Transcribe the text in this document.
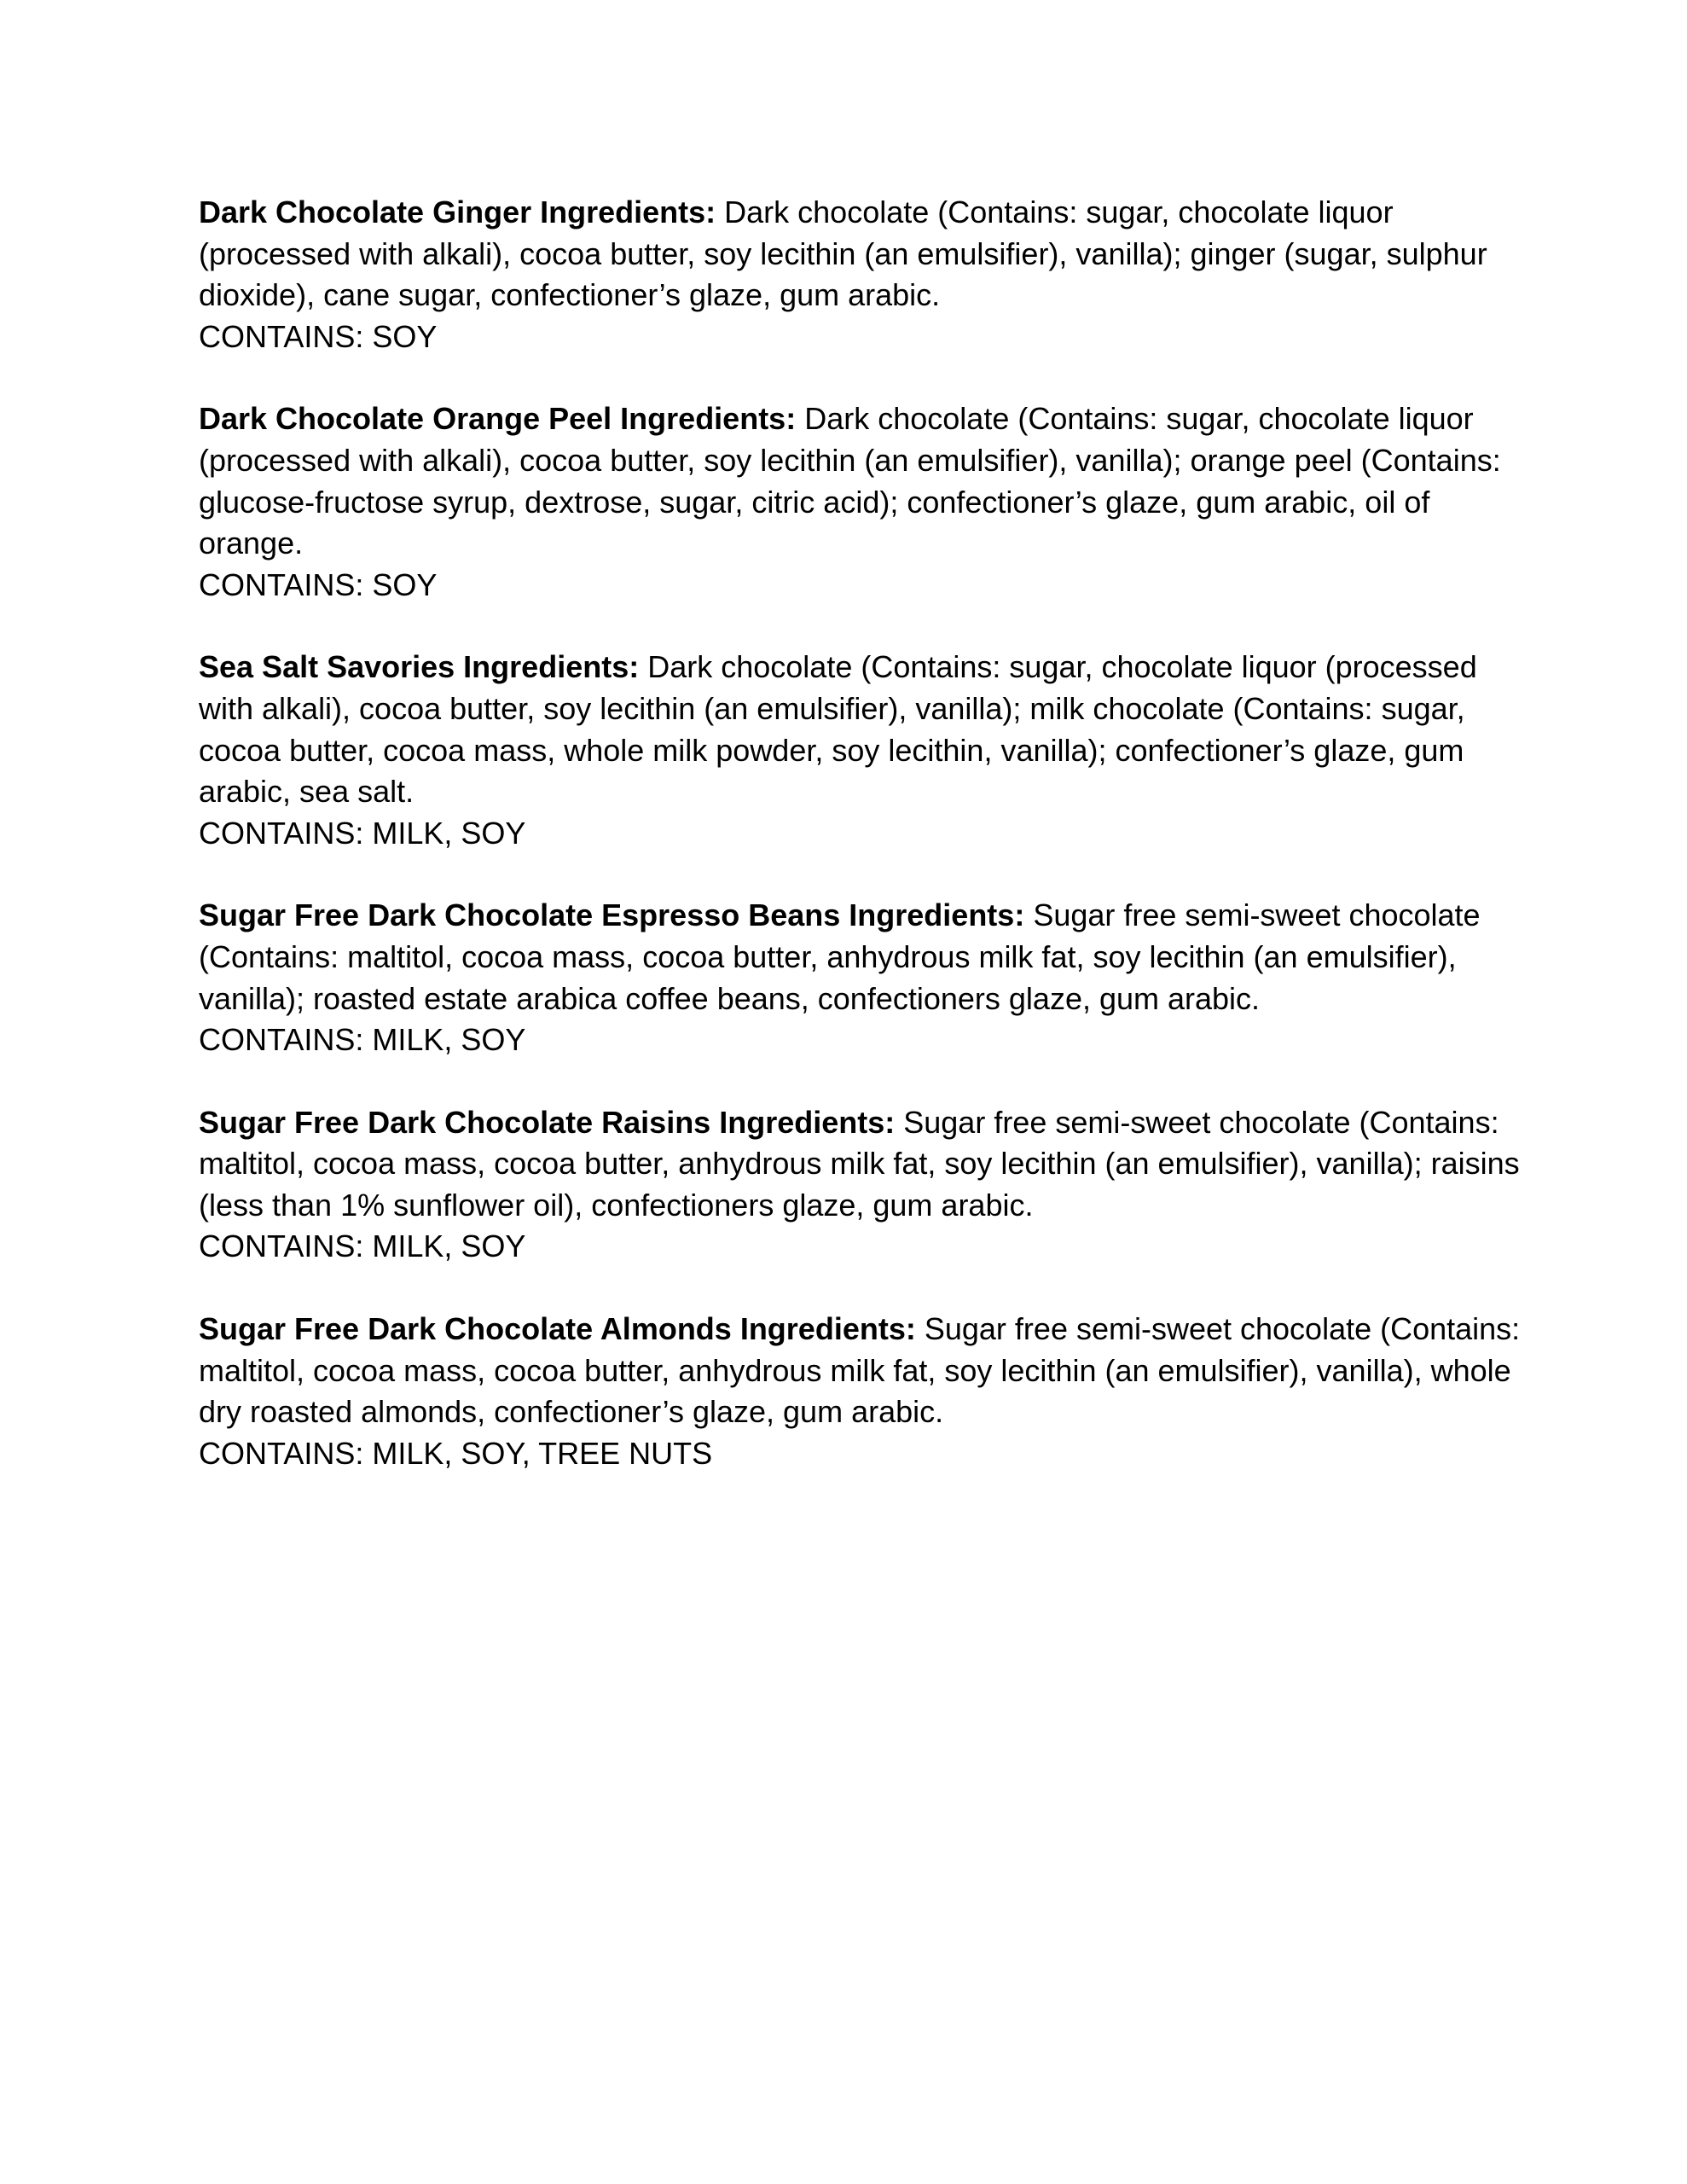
Dark Chocolate Ginger Ingredients: Dark chocolate (Contains: sugar, chocolate liquor (processed with alkali), cocoa butter, soy lecithin (an emulsifier), vanilla); ginger (sugar, sulphur dioxide), cane sugar, confectioner’s glaze, gum arabic.

CONTAINS: SOY

Dark Chocolate Orange Peel Ingredients: Dark chocolate (Contains: sugar, chocolate liquor (processed with alkali), cocoa butter, soy lecithin (an emulsifier), vanilla); orange peel (Contains: glucose-fructose syrup, dextrose, sugar, citric acid); confectioner’s glaze, gum arabic, oil of orange.

CONTAINS: SOY

Sea Salt Savories Ingredients: Dark chocolate (Contains: sugar, chocolate liquor (processed with alkali), cocoa butter, soy lecithin (an emulsifier), vanilla); milk chocolate (Contains: sugar, cocoa butter, cocoa mass, whole milk powder, soy lecithin, vanilla); confectioner’s glaze, gum arabic, sea salt.

CONTAINS: MILK, SOY

Sugar Free Dark Chocolate Espresso Beans Ingredients: Sugar free semi-sweet chocolate (Contains: maltitol, cocoa mass, cocoa butter, anhydrous milk fat, soy lecithin (an emulsifier), vanilla); roasted estate arabica coffee beans, confectioners glaze, gum arabic.

CONTAINS: MILK, SOY

Sugar Free Dark Chocolate Raisins Ingredients: Sugar free semi-sweet chocolate (Contains: maltitol, cocoa mass, cocoa butter, anhydrous milk fat, soy lecithin (an emulsifier), vanilla); raisins (less than 1% sunflower oil), confectioners glaze, gum arabic.

CONTAINS: MILK, SOY

Sugar Free Dark Chocolate Almonds Ingredients: Sugar free semi-sweet chocolate (Contains: maltitol, cocoa mass, cocoa butter, anhydrous milk fat, soy lecithin (an emulsifier), vanilla), whole dry roasted almonds, confectioner’s glaze, gum arabic.

CONTAINS: MILK, SOY, TREE NUTS
